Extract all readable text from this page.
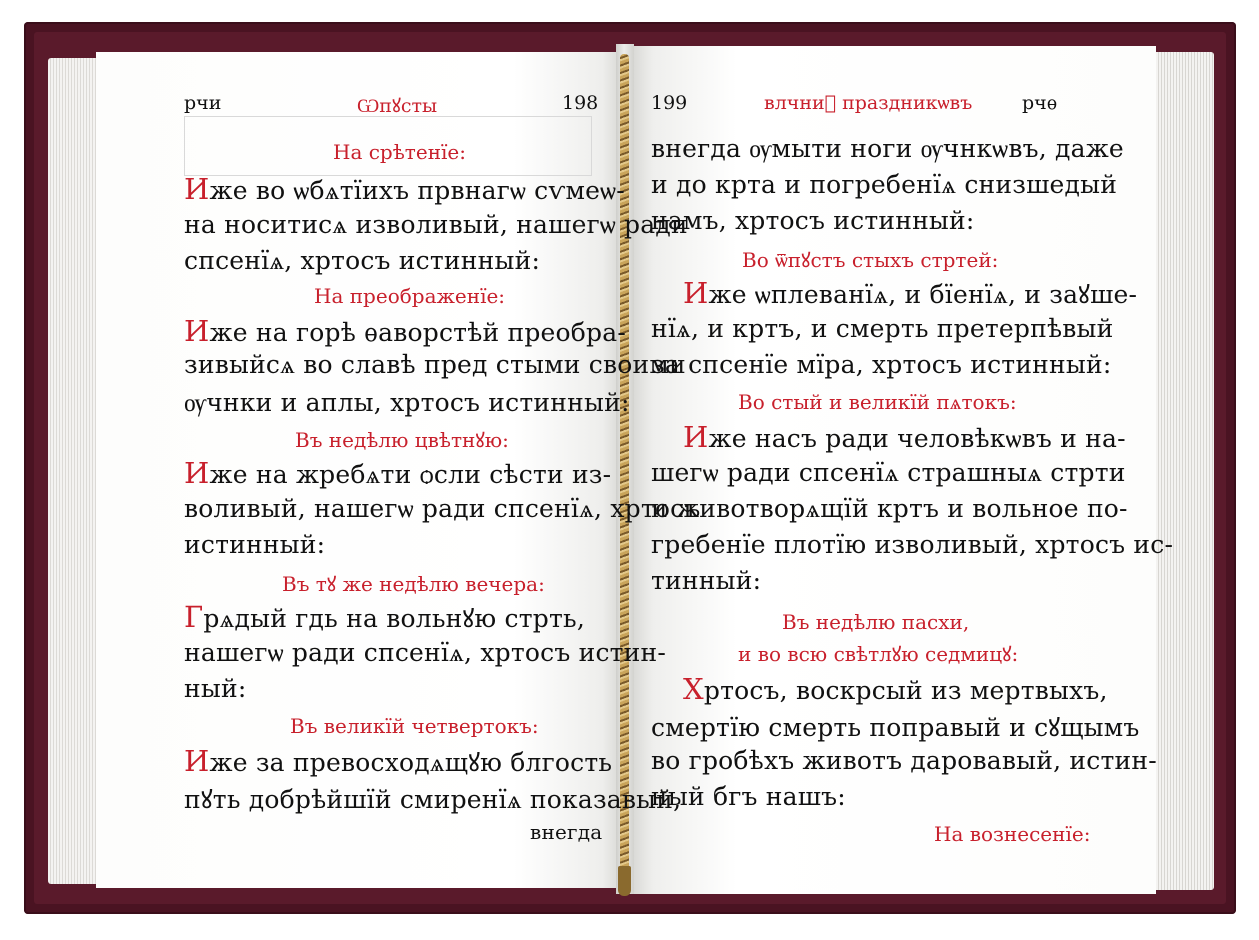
рчи	Ѡпꙋсты	198
На срѣтенїе:
Иже во ѡбѧтїихъ првнагѡ сѵмеѡ-
на носитисѧ изволивый, нашегѡ ради
спсенїѧ, хртосъ истинный:
На преображенїе:
Иже на горѣ ѳаворстѣй преобра-
зивыйсѧ во славѣ пред стыми своими
ѹчнки и aплы, хртосъ истинный:
Въ недѣлю цвѣтнꙋю:
Иже на жребѧти ѻсли сѣсти из-
воливый, нашегѡ ради спсенїѧ, хртосъ
истинный:
Въ тꙋ же недѣлю вечера:
Грѧдый гдь на вольнꙋю стрть,
нашегѡ ради спсенїѧ, хртосъ истин-
ный:
Въ великїй четвертокъ:
Иже за превосходѧщꙋю блгость
пꙋть добрѣйшїй смиренїѧ показавый,
внегда
199	влчниⷯ праздникѡвъ	рчѳ
внегда ѹмыти ноги ѹчнкѡвъ, даже
и до крта и погребенїѧ снизшедый
намъ, хртосъ истинный:
Во ѿпꙋстъ стыхъ стртей:
Иже ѡплеванїѧ, и бїенїѧ, и заꙋше-
нїѧ, и кртъ, и смерть претерпѣвый
за спсенїе мїра, хртосъ истинный:
Во стый и великїй пѧтокъ:
Иже насъ ради человѣкѡвъ и на-
шегѡ ради спсенїѧ страшныѧ стрти
и животворѧщїй кртъ и вольное по-
гребенїе плотїю изволивый, хртосъ ис-
тинный:
Въ недѣлю пасхи,
и во всю свѣтлꙋю седмицꙋ:
Хртосъ, воскрсый из мертвыхъ,
смертїю смерть поправый и сꙋщымъ
во гробѣхъ животъ даровавый, истин-
ный бгъ нашъ:
На вознесенїе:
